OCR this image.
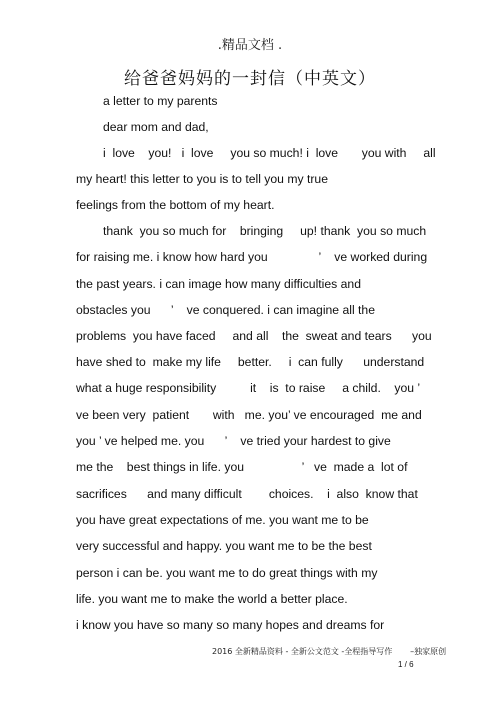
.精品文档 .
给爸爸妈妈的一封信（中英文）
a letter to my parents
dear mom and dad,
i  love    you!   i  love     you so much! i  love       you with     all
my heart! this letter to you is to tell you my true
feelings from the bottom of my heart.
thank  you so much for    bringing     up! thank  you so much
for raising me. i know how hard you               ’    ve worked during
the past years. i can image how many difficulties and
obstacles you      ’    ve conquered. i can imagine all the
problems  you have faced     and all    the  sweat and tears      you
have shed to  make my life     better.     i  can fully      understand
what a huge responsibility          it    is  to raise     a child.    you ’
ve been very  patient       with   me. you’ ve encouraged  me and
you ’ ve helped me. you      ’    ve tried your hardest to give
me the    best things in life. you                 ’   ve  made a  lot of
sacrifices      and many difficult        choices.    i  also  know that
you have great expectations of me. you want me to be
very successful and happy. you want me to be the best
person i can be. you want me to do great things with my
life. you want me to make the world a better place.
i know you have so many so many hopes and dreams for
2016 全新精品资料 - 全新公文范文 -全程指导写作       –独家原创
1 / 6
